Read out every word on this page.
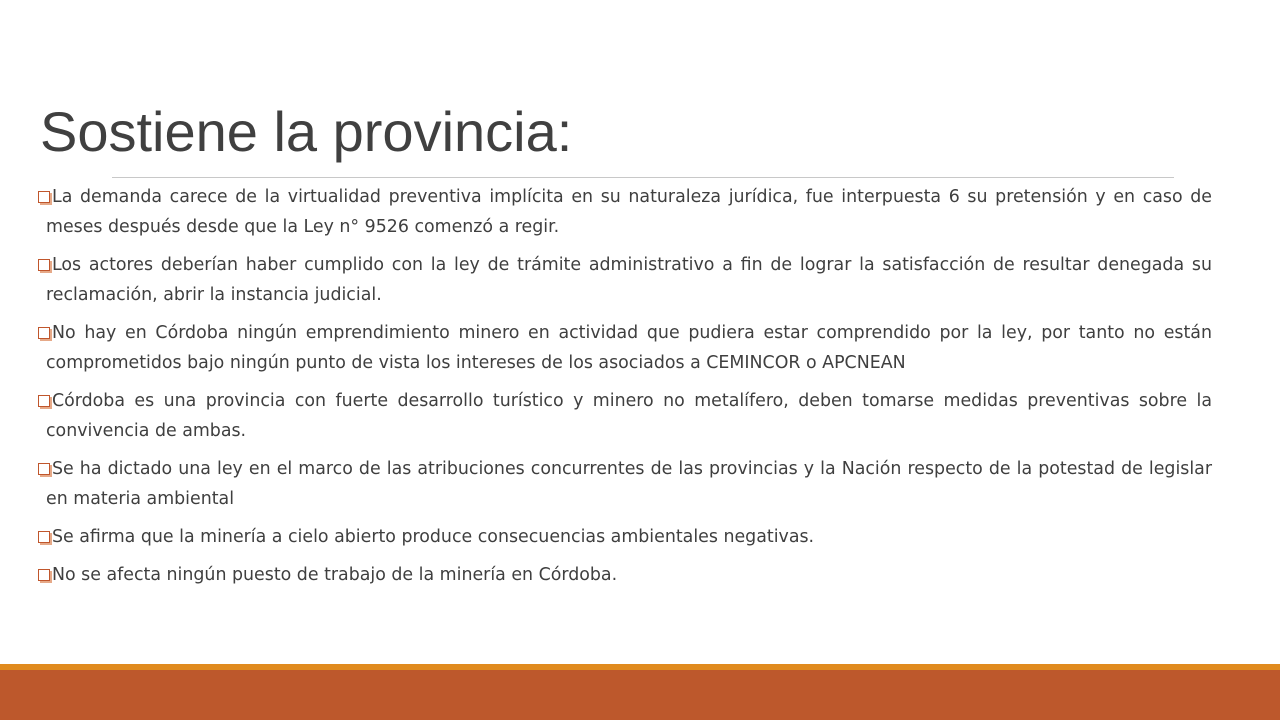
Sostiene la provincia:
La demanda carece de la virtualidad preventiva implícita en su naturaleza jurídica, fue interpuesta 6 su pretensión y en caso de meses después desde que la Ley n° 9526 comenzó a regir.
Los actores deberían haber cumplido con la ley de trámite administrativo a fin de lograr la satisfacción de resultar denegada su reclamación, abrir la instancia judicial.
No hay en Córdoba ningún emprendimiento minero en actividad que pudiera estar comprendido por la ley, por tanto no están comprometidos bajo ningún punto de vista los intereses de los asociados a CEMINCOR o APCNEAN
Córdoba es una provincia con fuerte desarrollo turístico y minero no metalífero, deben tomarse medidas preventivas sobre la convivencia de ambas.
Se ha dictado una ley en el marco de las atribuciones concurrentes de las provincias y la Nación respecto de la potestad de legislar en materia ambiental
Se afirma que la minería a cielo abierto produce consecuencias ambientales negativas.
No se afecta ningún puesto de trabajo de la minería en Córdoba.
